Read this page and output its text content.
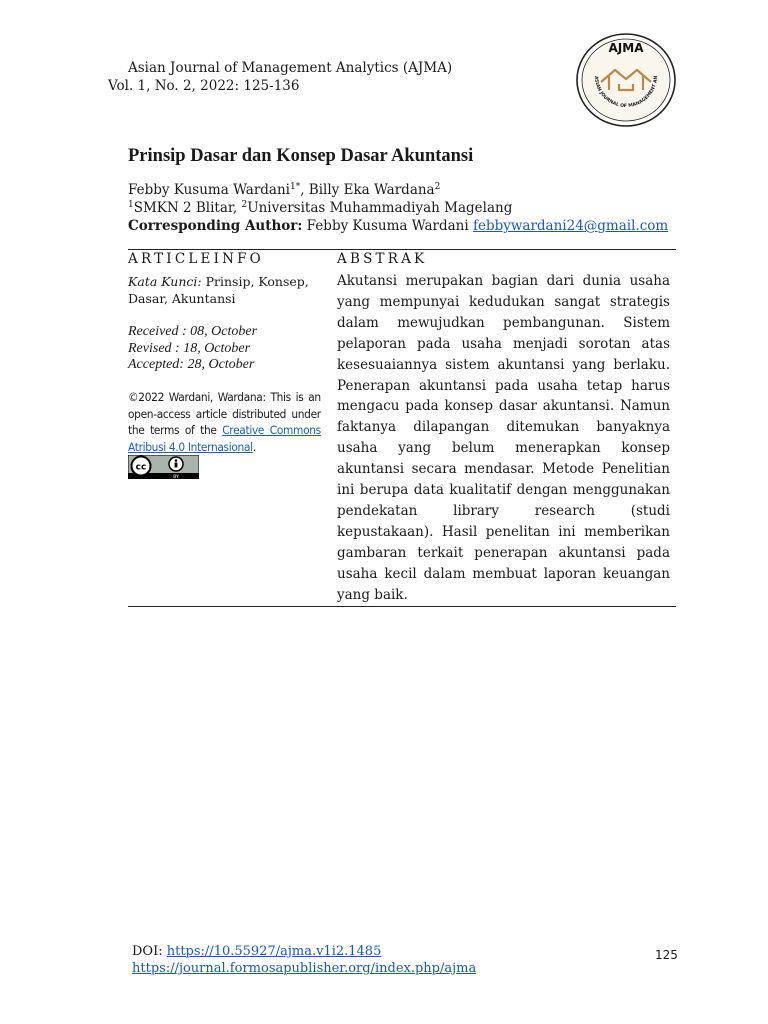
Asian Journal of Management Analytics (AJMA)
Vol. 1, No. 2, 2022: 125-136
AJMA
ASIAN JOURNAL OF MANAGEMENT AN
Prinsip Dasar dan Konsep Dasar Akuntansi
Febby Kusuma Wardani$^{1*}$, Billy Eka Wardana$^2$
$^1$SMKN 2 Blitar, $^2$Universitas Muhammadiyah Magelang
Corresponding Author: Febby Kusuma Wardani febbywardani24@gmail.com
ARTICLEINFO	ABSTRAK
Kata Kunci: Prinsip, Konsep, Dasar, Akuntansi
Received : 08, October
Revised : 18, October
Accepted: 28, October
©2022 Wardani, Wardana: This is an open-access article distributed under the terms of the Creative Commons Atribusi 4.0 Internasional.
cc
BY
Akutansi merupakan bagian dari dunia usaha yang mempunyai kedudukan sangat strategis dalam mewujudkan pembangunan. Sistem pelaporan pada usaha menjadi sorotan atas kesesuaiannya sistem akuntansi yang berlaku. Penerapan akuntansi pada usaha tetap harus mengacu pada konsep dasar akuntansi. Namun faktanya dilapangan ditemukan banyaknya usaha yang belum menerapkan konsep akuntansi secara mendasar. Metode Penelitian ini berupa data kualitatif dengan menggunakan pendekatan library research (studi kepustakaan). Hasil penelitan ini memberikan gambaran terkait penerapan akuntansi pada usaha kecil dalam membuat laporan keuangan yang baik.
DOI: https://10.55927/ajma.v1i2.1485
https://journal.formosapublisher.org/index.php/ajma
125
